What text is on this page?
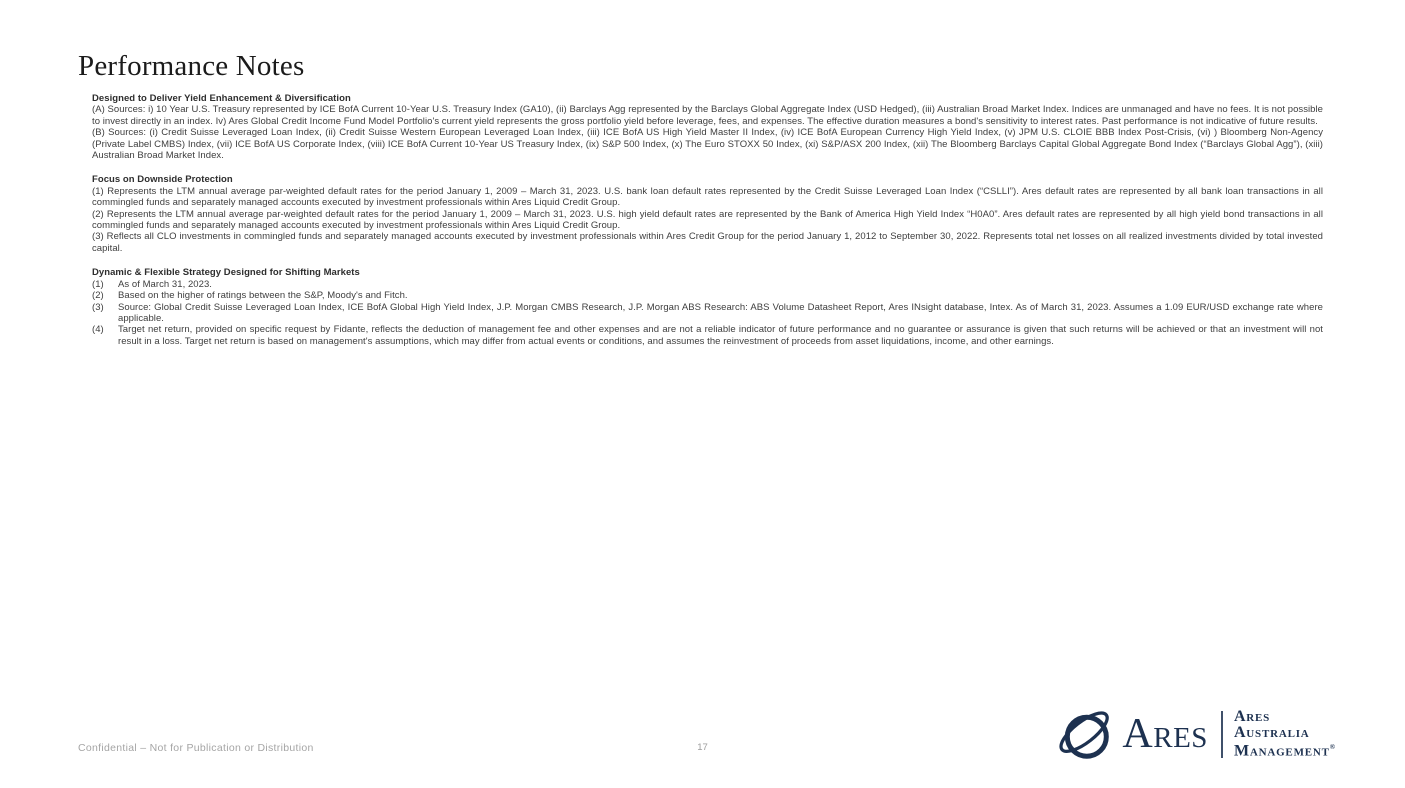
Performance Notes
Designed to Deliver Yield Enhancement & Diversification

(A) Sources: i) 10 Year U.S. Treasury represented by ICE BofA Current 10-Year U.S. Treasury Index (GA10), (ii) Barclays Agg represented by the Barclays Global Aggregate Index (USD Hedged), (iii) Australian Broad Market Index. Indices are unmanaged and have no fees. It is not possible to invest directly in an index. Iv) Ares Global Credit Income Fund Model Portfolio's current yield represents the gross portfolio yield before leverage, fees, and expenses. The effective duration measures a bond's sensitivity to interest rates. Past performance is not indicative of future results.

(B) Sources: (i) Credit Suisse Leveraged Loan Index, (ii) Credit Suisse Western European Leveraged Loan Index, (iii) ICE BofA US High Yield Master II Index, (iv) ICE BofA European Currency High Yield Index, (v) JPM U.S. CLOIE BBB Index Post-Crisis, (vi) ) Bloomberg Non-Agency (Private Label CMBS) Index, (vii) ICE BofA US Corporate Index, (viii) ICE BofA Current 10-Year US Treasury Index, (ix) S&P 500 Index, (x) The Euro STOXX 50 Index, (xi) S&P/ASX 200 Index, (xii) The Bloomberg Barclays Capital Global Aggregate Bond Index (“Barclays Global Agg”), (xiii) Australian Broad Market Index.

Focus on Downside Protection

(1) Represents the LTM annual average par-weighted default rates for the period January 1, 2009 – March 31, 2023. U.S. bank loan default rates represented by the Credit Suisse Leveraged Loan Index (“CSLLI”). Ares default rates are represented by all bank loan transactions in all commingled funds and separately managed accounts executed by investment professionals within Ares Liquid Credit Group.

(2) Represents the LTM annual average par-weighted default rates for the period January 1, 2009 – March 31, 2023. U.S. high yield default rates are represented by the Bank of America High Yield Index “H0A0”. Ares default rates are represented by all high yield bond transactions in all commingled funds and separately managed accounts executed by investment professionals within Ares Liquid Credit Group.

(3) Reflects all CLO investments in commingled funds and separately managed accounts executed by investment professionals within Ares Credit Group for the period January 1, 2012 to September 30, 2022. Represents total net losses on all realized investments divided by total invested capital.

Dynamic & Flexible Strategy Designed for Shifting Markets
(1)	As of March 31, 2023.
(2)	Based on the higher of ratings between the S&P, Moody's and Fitch.
(3)	Source: Global Credit Suisse Leveraged Loan Index, ICE BofA Global High Yield Index, J.P. Morgan CMBS Research, J.P. Morgan ABS Research: ABS Volume Datasheet Report, Ares INsight database, Intex. As of March 31, 2023. Assumes a 1.09 EUR/USD exchange rate where applicable.
(4)	Target net return, provided on specific request by Fidante, reflects the deduction of management fee and other expenses and are not a reliable indicator of future performance and no guarantee or assurance is given that such returns will be achieved or that an investment will not result in a loss. Target net return is based on management's assumptions, which may differ from actual events or conditions, and assumes the reinvestment of proceeds from asset liquidations, income, and other earnings.
Confidential – Not for Publication or Distribution	17	Ares Ares
Australia
Management®
